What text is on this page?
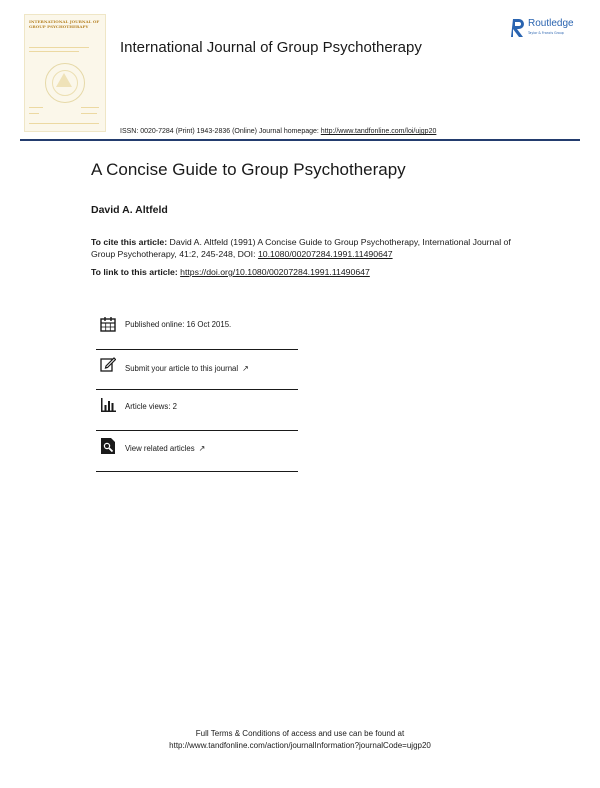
INTERNATIONAL JOURNAL OF GROUP PSYCHOTHERAPY
International Journal of Group Psychotherapy
Routledge
Taylor & Francis Group
ISSN: 0020-7284 (Print) 1943-2836 (Online) Journal homepage: http://www.tandfonline.com/loi/ujgp20
A Concise Guide to Group Psychotherapy
David A. Altfeld
To cite this article: David A. Altfeld (1991) A Concise Guide to Group Psychotherapy, International Journal of Group Psychotherapy, 41:2, 245-248, DOI: 10.1080/00207284.1991.11490647
To link to this article: https://doi.org/10.1080/00207284.1991.11490647
Published online: 16 Oct 2015.
Submit your article to this journal ↗
Article views: 2
View related articles ↗
Full Terms & Conditions of access and use can be found at
http://www.tandfonline.com/action/journalInformation?journalCode=ujgp20
